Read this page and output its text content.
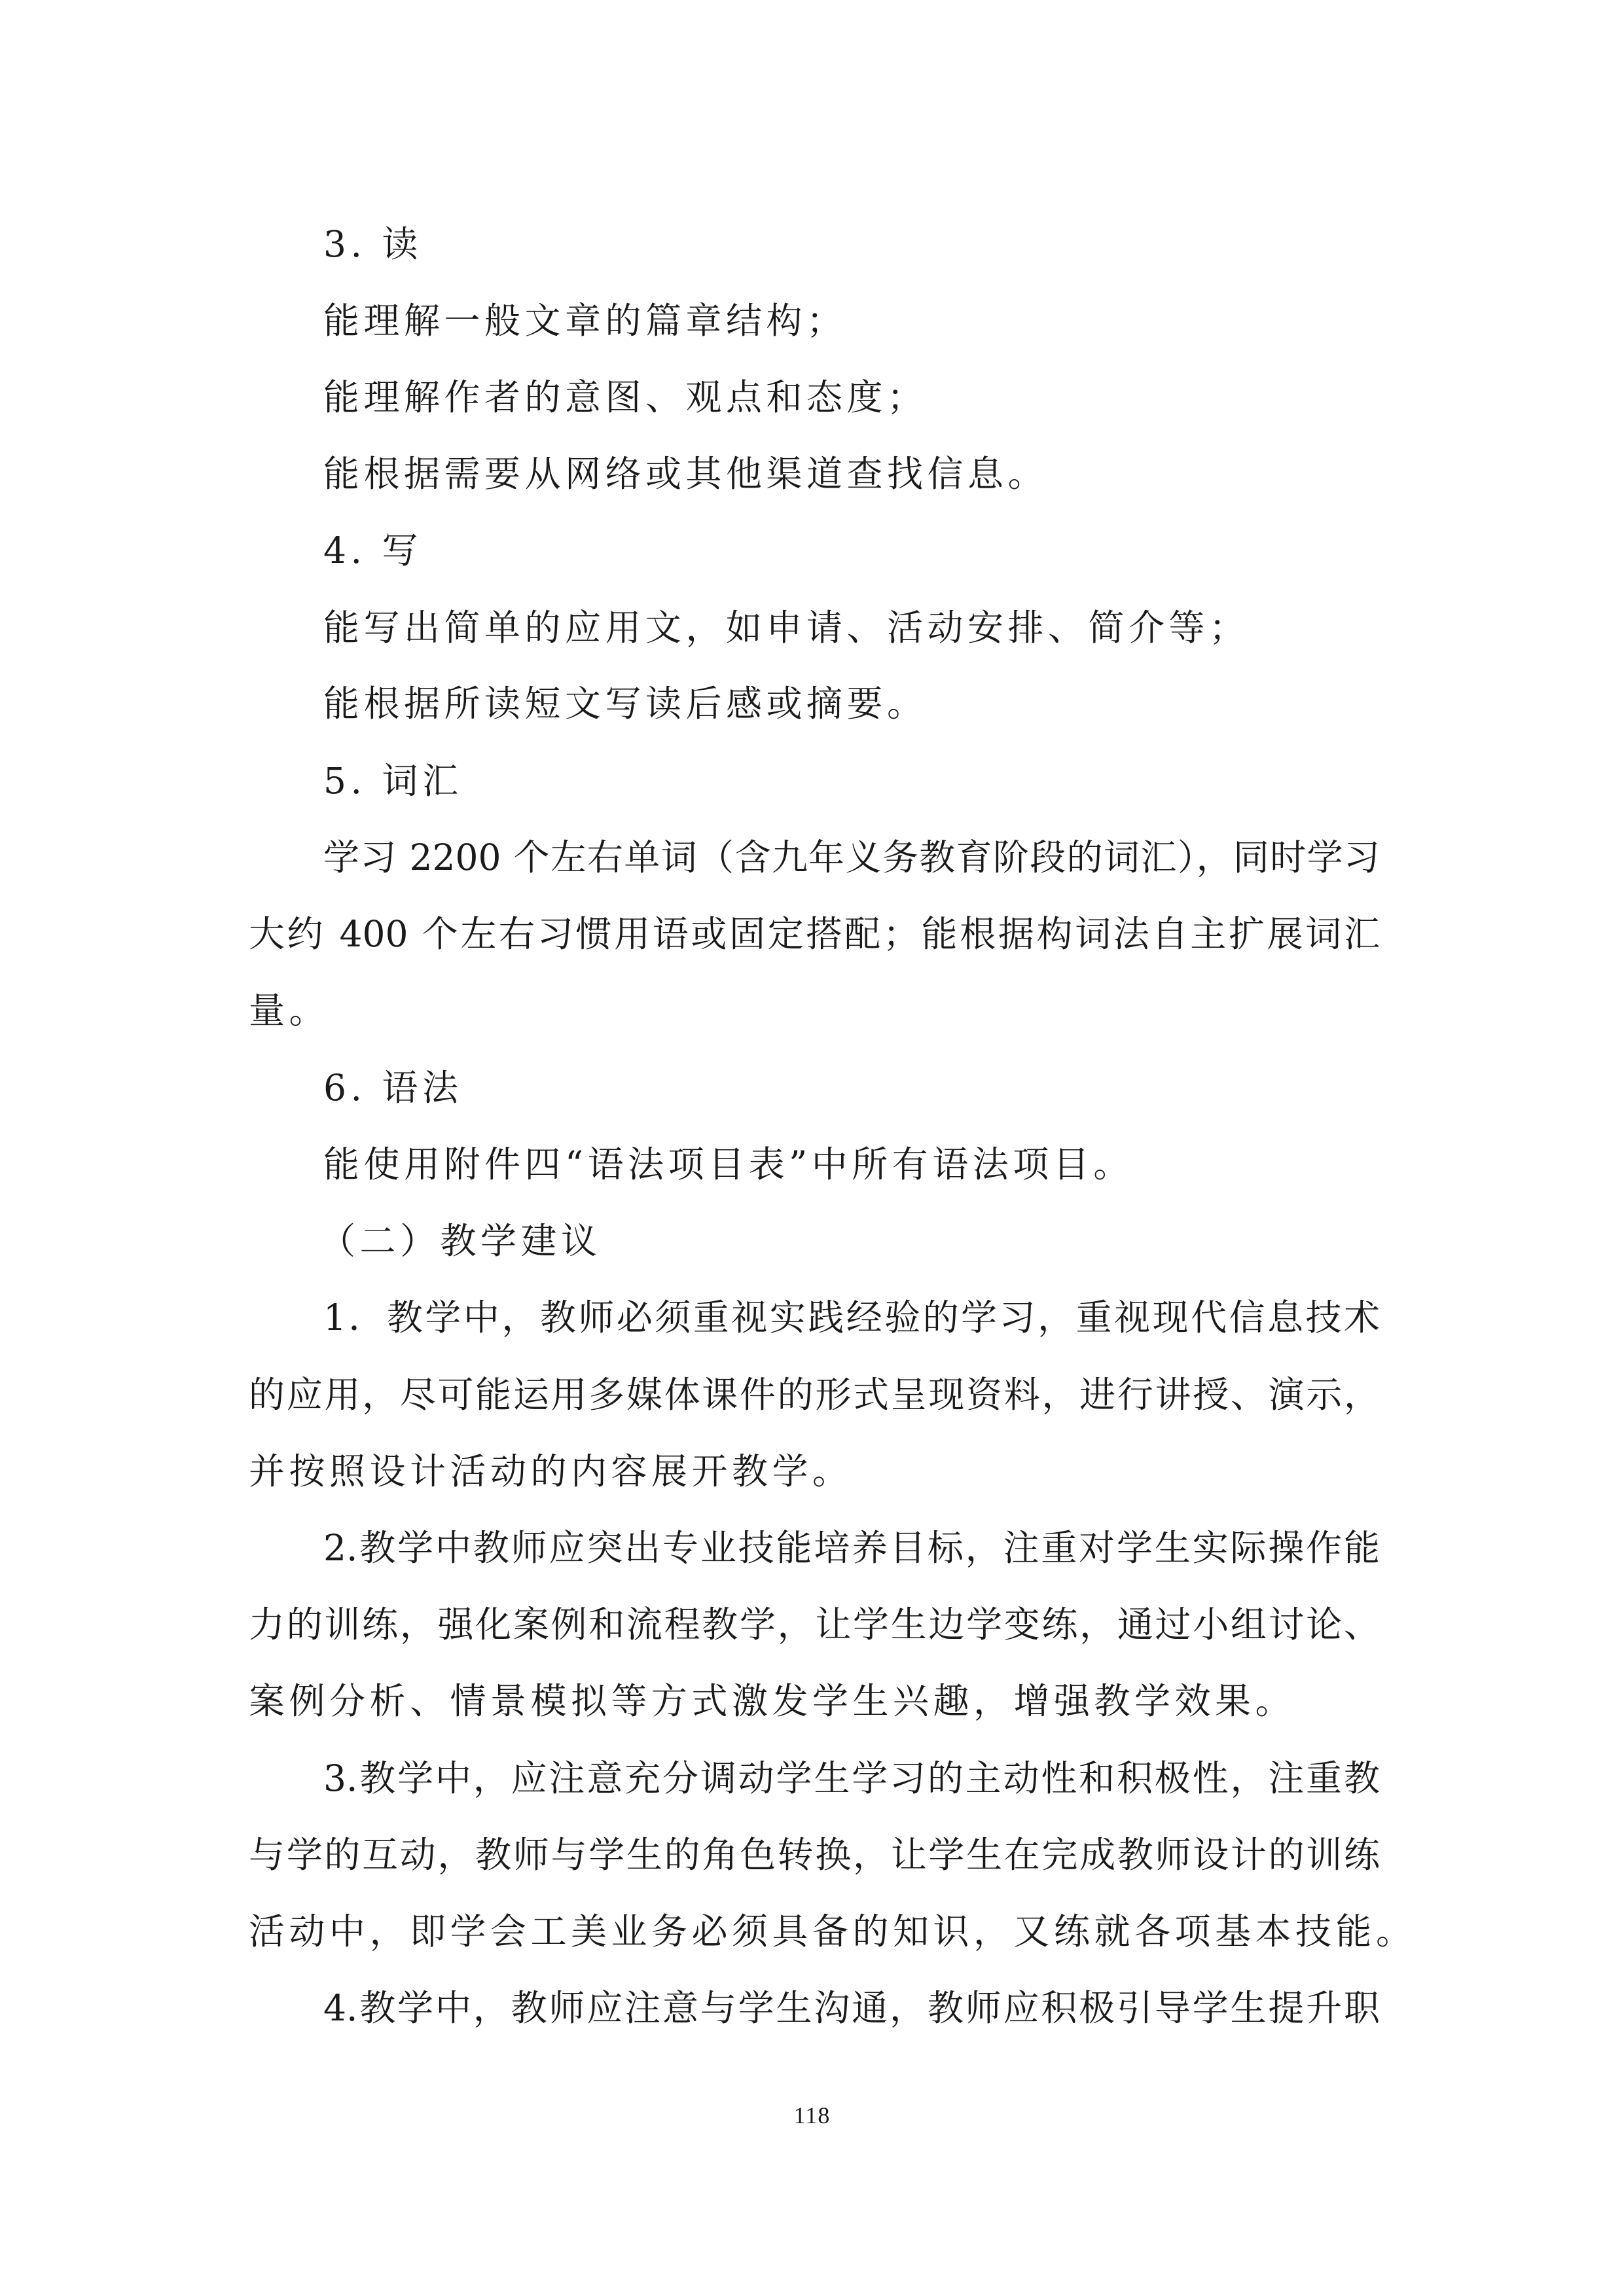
3. 读
能理解一般文章的篇章结构；
能理解作者的意图、观点和态度；
能根据需要从网络或其他渠道查找信息。
4. 写
能写出简单的应用文，如申请、活动安排、简介等；
能根据所读短文写读后感或摘要。
5. 词汇
学习 2200 个左右单词（含九年义务教育阶段的词汇），同时学习
大约 400 个左右习惯用语或固定搭配；能根据构词法自主扩展词汇
量。
6. 语法
能使用附件四“语法项目表”中所有语法项目。
（二）教学建议
1．教学中，教师必须重视实践经验的学习，重视现代信息技术
的应用，尽可能运用多媒体课件的形式呈现资料，进行讲授、演示，
并按照设计活动的内容展开教学。
2.教学中教师应突出专业技能培养目标，注重对学生实际操作能
力的训练，强化案例和流程教学，让学生边学变练，通过小组讨论、
案例分析、情景模拟等方式激发学生兴趣，增强教学效果。
3.教学中，应注意充分调动学生学习的主动性和积极性，注重教
与学的互动，教师与学生的角色转换，让学生在完成教师设计的训练
活动中，即学会工美业务必须具备的知识，又练就各项基本技能。
4.教学中，教师应注意与学生沟通，教师应积极引导学生提升职
118
